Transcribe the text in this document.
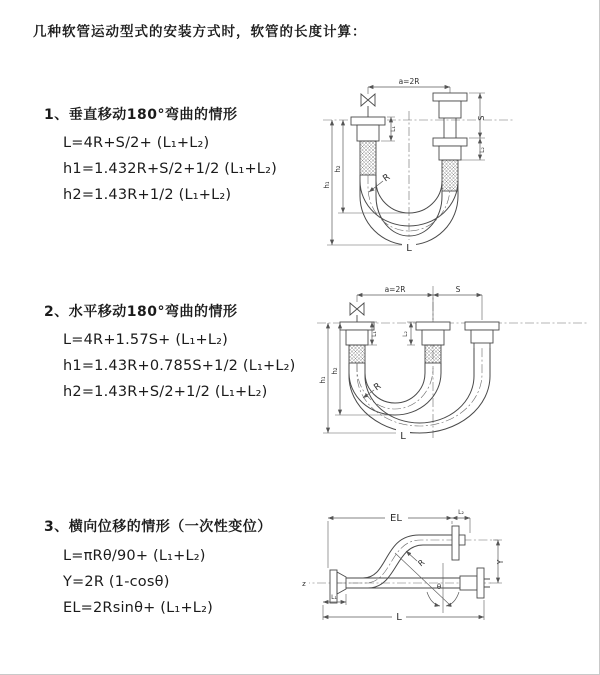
几种软管运动型式的安装方式时，软管的长度计算：
1、垂直移动180°弯曲的情形
L=4R+S/2+ (L₁+L₂)
h1=1.432R+S/2+1/2 (L₁+L₂)
h2=1.43R+1/2 (L₁+L₂)
2、水平移动180°弯曲的情形
L=4R+1.57S+ (L₁+L₂)
h1=1.43R+0.785S+1/2 (L₁+L₂)
h2=1.43R+S/2+1/2 (L₁+L₂)
3、横向位移的情形（一次性变位）
L=πRθ/90+ (L₁+L₂)
Y=2R (1-cosθ)
EL=2Rsinθ+ (L₁+L₂)
a=2R
S
L₂
L₁
h₁
h₂
R
L
a=2R	S
h₁
h₂
L₁	L₂
R
L
z	θ
EL
L₂
Y
L₁
L
R
